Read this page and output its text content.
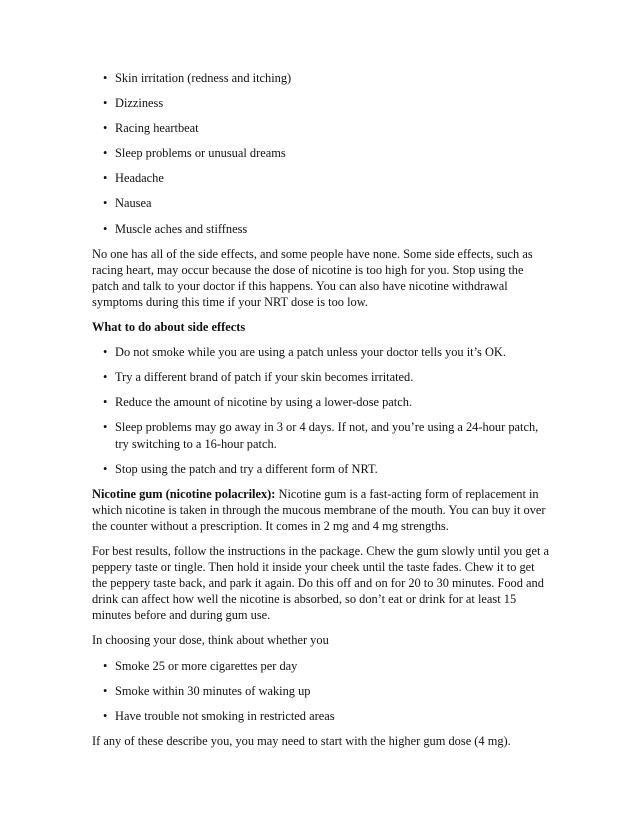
• Skin irritation (redness and itching)
• Dizziness
• Racing heartbeat
• Sleep problems or unusual dreams
• Headache
• Nausea
• Muscle aches and stiffness

No one has all of the side effects, and some people have none. Some side effects, such as racing heart, may occur because the dose of nicotine is too high for you. Stop using the patch and talk to your doctor if this happens. You can also have nicotine withdrawal symptoms during this time if your NRT dose is too low.

What to do about side effects
• Do not smoke while you are using a patch unless your doctor tells you it’s OK.
• Try a different brand of patch if your skin becomes irritated.
• Reduce the amount of nicotine by using a lower-dose patch.
• Sleep problems may go away in 3 or 4 days. If not, and you’re using a 24-hour patch, try switching to a 16-hour patch.
• Stop using the patch and try a different form of NRT.

Nicotine gum (nicotine polacrilex): Nicotine gum is a fast-acting form of replacement in which nicotine is taken in through the mucous membrane of the mouth. You can buy it over the counter without a prescription. It comes in 2 mg and 4 mg strengths.

For best results, follow the instructions in the package. Chew the gum slowly until you get a peppery taste or tingle. Then hold it inside your cheek until the taste fades. Chew it to get the peppery taste back, and park it again. Do this off and on for 20 to 30 minutes. Food and drink can affect how well the nicotine is absorbed, so don’t eat or drink for at least 15 minutes before and during gum use.

In choosing your dose, think about whether you

• Smoke 25 or more cigarettes per day
• Smoke within 30 minutes of waking up
• Have trouble not smoking in restricted areas

If any of these describe you, you may need to start with the higher gum dose (4 mg).
